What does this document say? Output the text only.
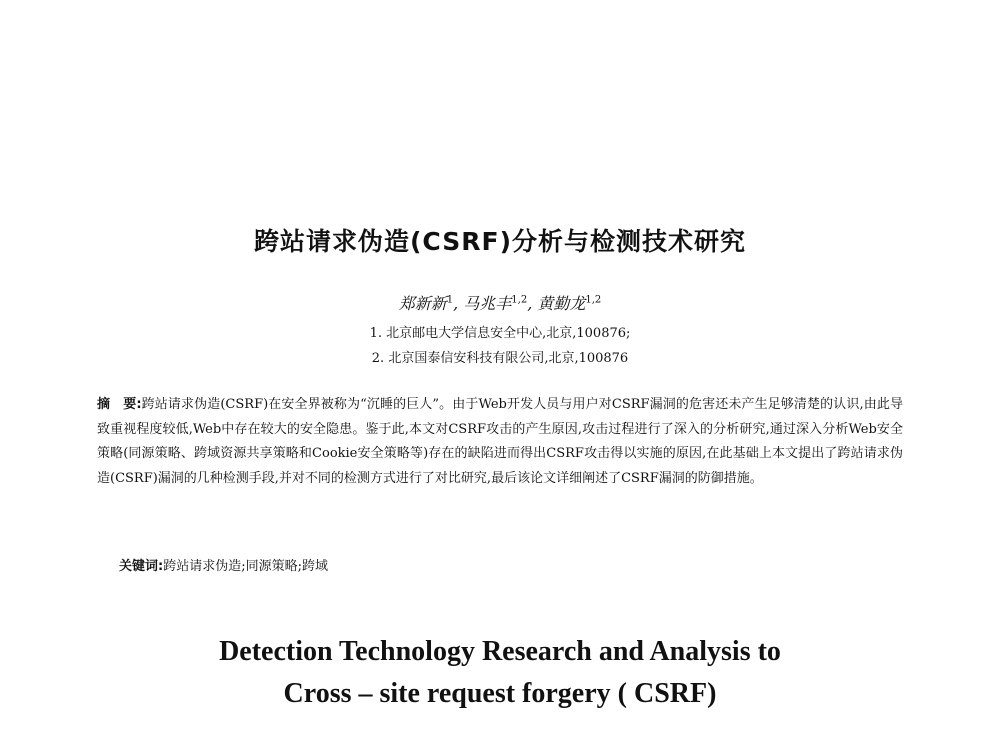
跨站请求伪造(CSRF)分析与检测技术研究
郑新新$^1$, 马兆丰$^{1,2}$, 黄勤龙$^{1,2}$
1. 北京邮电大学信息安全中心,北京,100876;
2. 北京国泰信安科技有限公司,北京,100876
摘　要:跨站请求伪造(CSRF)在安全界被称为“沉睡的巨人”。由于Web开发人员与用户对CSRF漏洞的危害还未产生足够清楚的认识,由此导致重视程度较低,Web中存在较大的安全隐患。鉴于此,本文对CSRF攻击的产生原因,攻击过程进行了深入的分析研究,通过深入分析Web安全策略(同源策略、跨域资源共享策略和Cookie安全策略等)存在的缺陷进而得出CSRF攻击得以实施的原因,在此基础上本文提出了跨站请求伪造(CSRF)漏洞的几种检测手段,并对不同的检测方式进行了对比研究,最后该论文详细阐述了CSRF漏洞的防御措施。
关键词:跨站请求伪造;同源策略;跨域
Detection Technology Research and Analysis to
Cross – site request forgery ( CSRF)
